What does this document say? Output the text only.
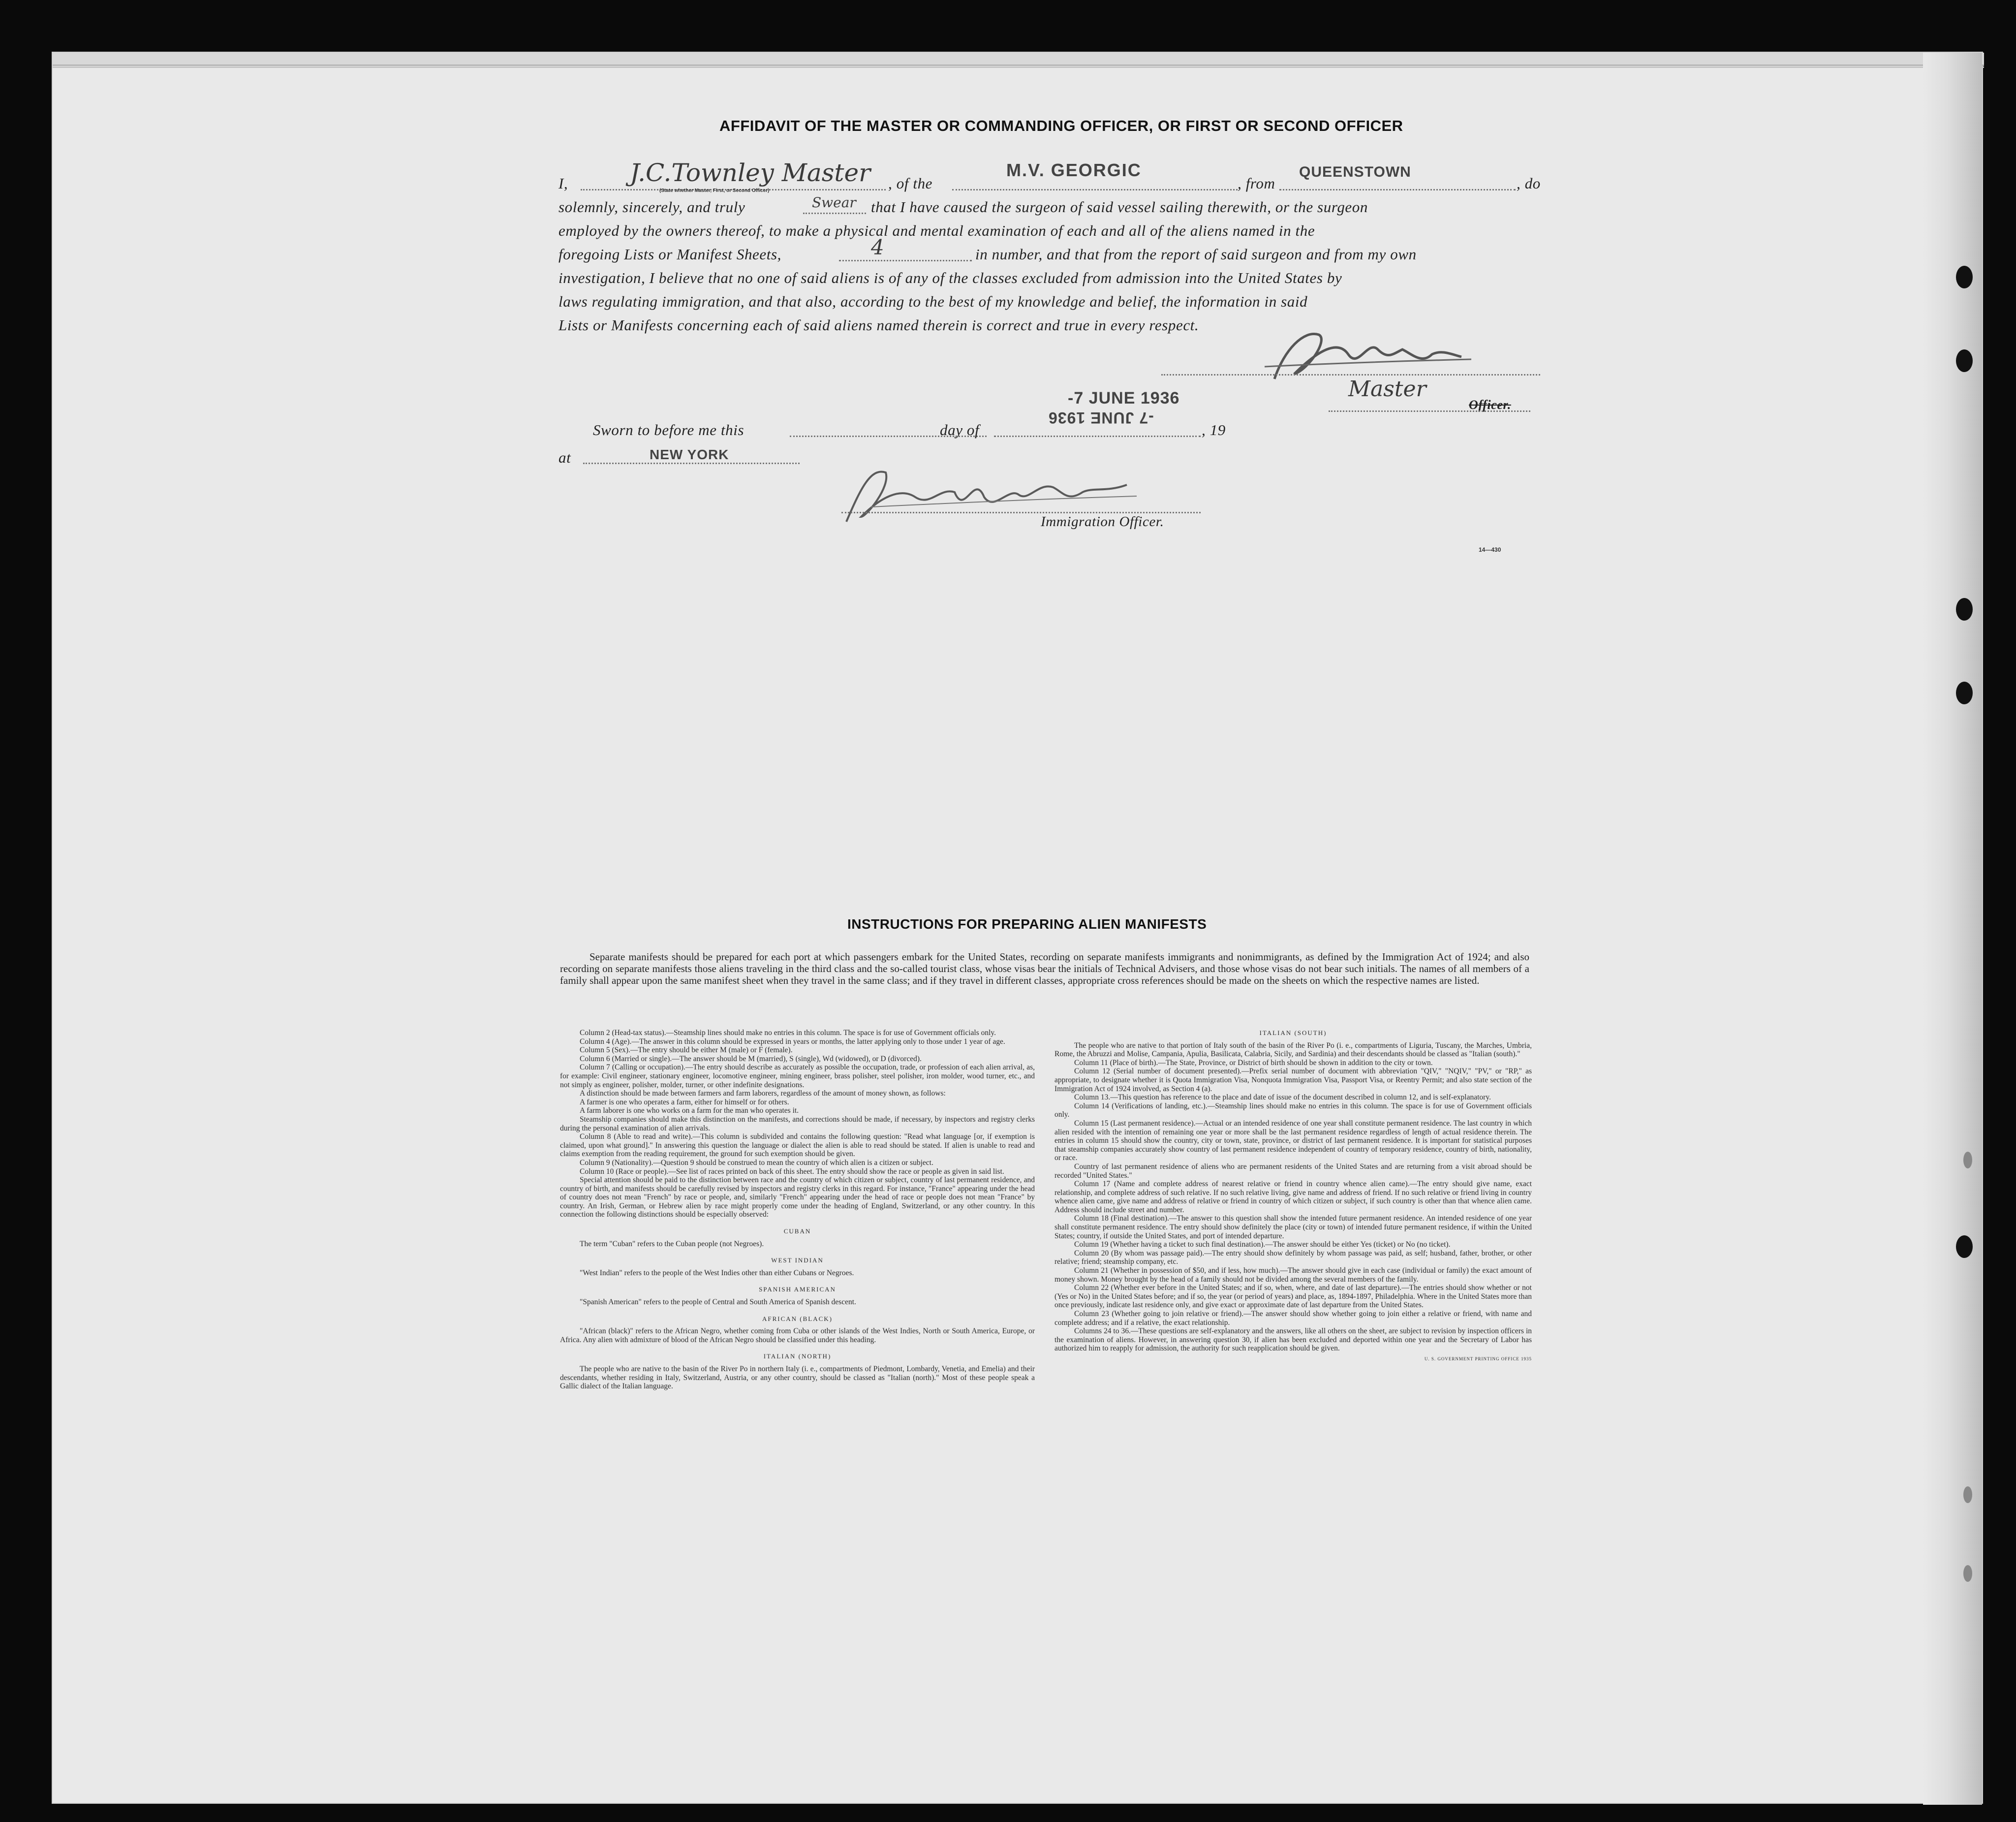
AFFIDAVIT OF THE MASTER OR COMMANDING OFFICER, OR FIRST OR SECOND OFFICER
I,	J.C.Townley Master
(State whether Master, First, or Second Officer)	, of the
M.V. GEORGIC
, from
QUEENSTOWN
, do
solemnly, sincerely, and truly	Swear that I have caused the surgeon of said vessel sailing therewith, or the surgeon
employed by the owners thereof, to make a physical and mental examination of each and all of the aliens named in the
foregoing Lists or Manifest Sheets,	4	in number, and that from the report of said surgeon and from my own
investigation, I believe that no one of said aliens is of any of the classes excluded from admission into the United States by
laws regulating immigration, and that also, according to the best of my knowledge and belief, the information in said
Lists or Manifests concerning each of said aliens named therein is correct and true in every respect.
Master
Officer.
Sworn to before me this	day of
-7 JUNE 1936
-7 JUNE 1936
, 19
at	NEW YORK
Immigration Officer.
14—430
INSTRUCTIONS FOR PREPARING ALIEN MANIFESTS
Separate manifests should be prepared for each port at which passengers embark for the United States, recording on separate manifests immigrants and nonimmigrants, as defined by the Immigration Act of 1924; and also recording on separate manifests those aliens traveling in the third class and the so-called tourist class, whose visas bear the initials of Technical Advisers, and those whose visas do not bear such initials. The names of all members of a family shall appear upon the same manifest sheet when they travel in the same class; and if they travel in different classes, appropriate cross references should be made on the sheets on which the respective names are listed.

Column 2 (Head-tax status).—Steamship lines should make no entries in this column. The space is for use of Government officials only.

Column 4 (Age).—The answer in this column should be expressed in years or months, the latter applying only to those under 1 year of age.

Column 5 (Sex).—The entry should be either M (male) or F (female).

Column 6 (Married or single).—The answer should be M (married), S (single), Wd (widowed), or D (divorced).

Column 7 (Calling or occupation).—The entry should describe as accurately as possible the occupation, trade, or profession of each alien arrival, as, for example: Civil engineer, stationary engineer, locomotive engineer, mining engineer, brass polisher, steel polisher, iron molder, wood turner, etc., and not simply as engineer, polisher, molder, turner, or other indefinite designations.

A distinction should be made between farmers and farm laborers, regardless of the amount of money shown, as follows:

A farmer is one who operates a farm, either for himself or for others.

A farm laborer is one who works on a farm for the man who operates it.

Steamship companies should make this distinction on the manifests, and corrections should be made, if necessary, by inspectors and registry clerks during the personal examination of alien arrivals.

Column 8 (Able to read and write).—This column is subdivided and contains the following question: "Read what language [or, if exemption is claimed, upon what ground]." In answering this question the language or dialect the alien is able to read should be stated. If alien is unable to read and claims exemption from the reading requirement, the ground for such exemption should be given.

Column 9 (Nationality).—Question 9 should be construed to mean the country of which alien is a citizen or subject.

Column 10 (Race or people).—See list of races printed on back of this sheet. The entry should show the race or people as given in said list.

Special attention should be paid to the distinction between race and the country of which citizen or subject, country of last permanent residence, and country of birth, and manifests should be carefully revised by inspectors and registry clerks in this regard. For instance, "France" appearing under the head of country does not mean "French" by race or people, and, similarly "French" appearing under the head of race or people does not mean "France" by country. An Irish, German, or Hebrew alien by race might properly come under the heading of England, Switzerland, or any other country. In this connection the following distinctions should be especially observed:

CUBAN

The term "Cuban" refers to the Cuban people (not Negroes).

WEST INDIAN

"West Indian" refers to the people of the West Indies other than either Cubans or Negroes.

SPANISH AMERICAN

"Spanish American" refers to the people of Central and South America of Spanish descent.

AFRICAN (BLACK)

"African (black)" refers to the African Negro, whether coming from Cuba or other islands of the West Indies, North or South America, Europe, or Africa. Any alien with admixture of blood of the African Negro should be classified under this heading.

ITALIAN (NORTH)

The people who are native to the basin of the River Po in northern Italy (i. e., compartments of Piedmont, Lombardy, Venetia, and Emelia) and their descendants, whether residing in Italy, Switzerland, Austria, or any other country, should be classed as "Italian (north)." Most of these people speak a Gallic dialect of the Italian language.

ITALIAN (SOUTH)

The people who are native to that portion of Italy south of the basin of the River Po (i. e., compartments of Liguria, Tuscany, the Marches, Umbria, Rome, the Abruzzi and Molise, Campania, Apulia, Basilicata, Calabria, Sicily, and Sardinia) and their descendants should be classed as "Italian (south)."

Column 11 (Place of birth).—The State, Province, or District of birth should be shown in addition to the city or town.

Column 12 (Serial number of document presented).—Prefix serial number of document with abbreviation "QIV," "NQIV," "PV," or "RP," as appropriate, to designate whether it is Quota Immigration Visa, Nonquota Immigration Visa, Passport Visa, or Reentry Permit; and also state section of the Immigration Act of 1924 involved, as Section 4 (a).

Column 13.—This question has reference to the place and date of issue of the document described in column 12, and is self-explanatory.

Column 14 (Verifications of landing, etc.).—Steamship lines should make no entries in this column. The space is for use of Government officials only.

Column 15 (Last permanent residence).—Actual or an intended residence of one year shall constitute permanent residence. The last country in which alien resided with the intention of remaining one year or more shall be the last permanent residence regardless of length of actual residence therein. The entries in column 15 should show the country, city or town, state, province, or district of last permanent residence. It is important for statistical purposes that steamship companies accurately show country of last permanent residence independent of country of temporary residence, country of birth, nationality, or race.

Country of last permanent residence of aliens who are permanent residents of the United States and are returning from a visit abroad should be recorded "United States."

Column 17 (Name and complete address of nearest relative or friend in country whence alien came).—The entry should give name, exact relationship, and complete address of such relative. If no such relative living, give name and address of friend. If no such relative or friend living in country whence alien came, give name and address of relative or friend in country of which citizen or subject, if such country is other than that whence alien came. Address should include street and number.

Column 18 (Final destination).—The answer to this question shall show the intended future permanent residence. An intended residence of one year shall constitute permanent residence. The entry should show definitely the place (city or town) of intended future permanent residence, if within the United States; country, if outside the United States, and port of intended departure.

Column 19 (Whether having a ticket to such final destination).—The answer should be either Yes (ticket) or No (no ticket).

Column 20 (By whom was passage paid).—The entry should show definitely by whom passage was paid, as self; husband, father, brother, or other relative; friend; steamship company, etc.

Column 21 (Whether in possession of $50, and if less, how much).—The answer should give in each case (individual or family) the exact amount of money shown. Money brought by the head of a family should not be divided among the several members of the family.

Column 22 (Whether ever before in the United States; and if so, when, where, and date of last departure).—The entries should show whether or not (Yes or No) in the United States before; and if so, the year (or period of years) and place, as, 1894-1897, Philadelphia. Where in the United States more than once previously, indicate last residence only, and give exact or approximate date of last departure from the United States.

Column 23 (Whether going to join relative or friend).—The answer should show whether going to join either a relative or friend, with name and complete address; and if a relative, the exact relationship.

Columns 24 to 36.—These questions are self-explanatory and the answers, like all others on the sheet, are subject to revision by inspection officers in the examination of aliens. However, in answering question 30, if alien has been excluded and deported within one year and the Secretary of Labor has authorized him to reapply for admission, the authority for such reapplication should be given.

U. S. GOVERNMENT PRINTING OFFICE 1935
